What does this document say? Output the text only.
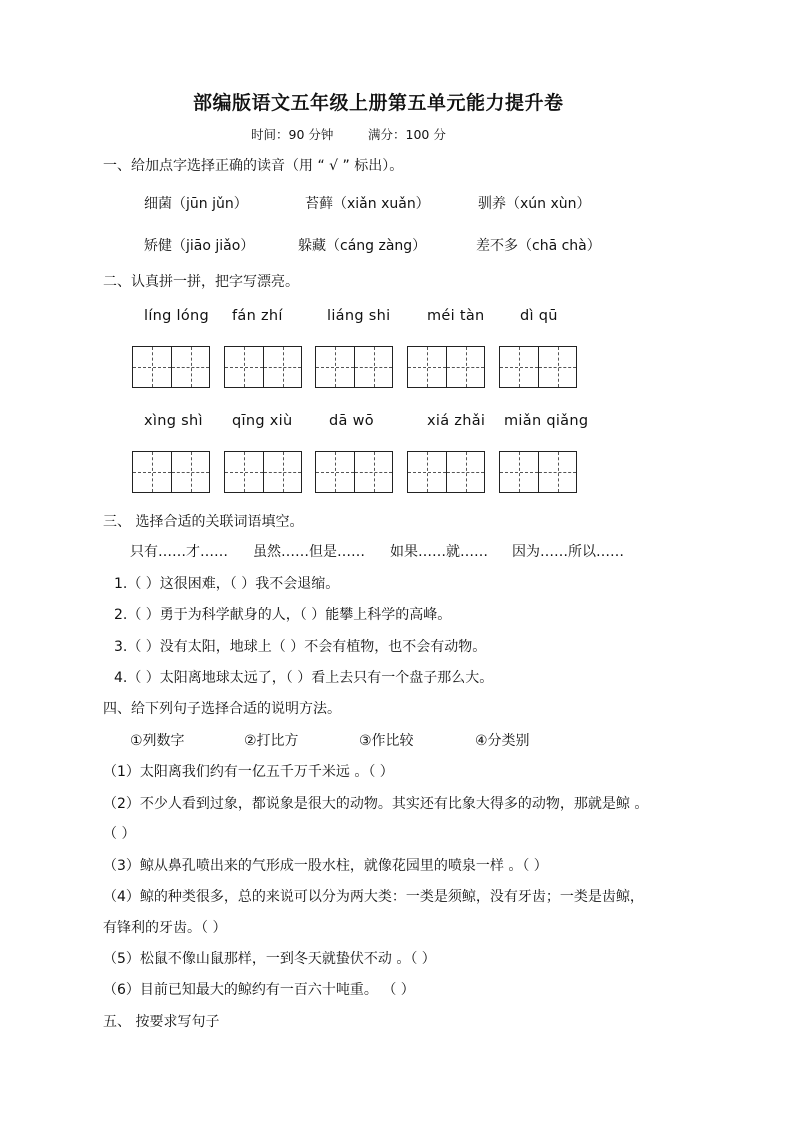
部编版语文五年级上册第五单元能力提升卷
时间：90 分钟	满分：100 分
一、给加点字选择正确的读音（用 “ √ ” 标出）。
细菌（jūn jǔn）	苔藓（xiǎn xuǎn）	驯养（xún xùn）
矫健（jiāo jiǎo）	躲藏（cáng zàng）	差不多（chā chà）
二、认真拼一拼，把字写漂亮。
líng lóng fán zhí	liáng shi	méi tàn dì qū
xìng shì qīng xiù	dā wō	xiá zhǎi miǎn qiǎng
三、 选择合适的关联词语填空。
只有……才…… 虽然……但是…… 如果……就…… 因为……所以……
1.（ ）这很困难，（ ）我不会退缩。
2.（ ）勇于为科学献身的人，（ ）能攀上科学的高峰。
3.（ ）没有太阳，地球上（ ）不会有植物，也不会有动物。
4.（ ）太阳离地球太远了，（ ）看上去只有一个盘子那么大。
四、给下列句子选择合适的说明方法。
①列数字	②打比方	③作比较	④分类别
（1）太阳离我们约有一亿五千万千米远 。（ ）
（2）不少人看到过象，都说象是很大的动物。其实还有比象大得多的动物，那就是鲸 。
（ ）
（3）鲸从鼻孔喷出来的气形成一股水柱，就像花园里的喷泉一样 。（ ）
（4）鲸的种类很多，总的来说可以分为两大类：一类是须鲸，没有牙齿；一类是齿鲸，
有锋利的牙齿。（ ）
（5）松鼠不像山鼠那样，一到冬天就蛰伏不动 。（ ）
（6）目前已知最大的鲸约有一百六十吨重。 （ ）
五、 按要求写句子
